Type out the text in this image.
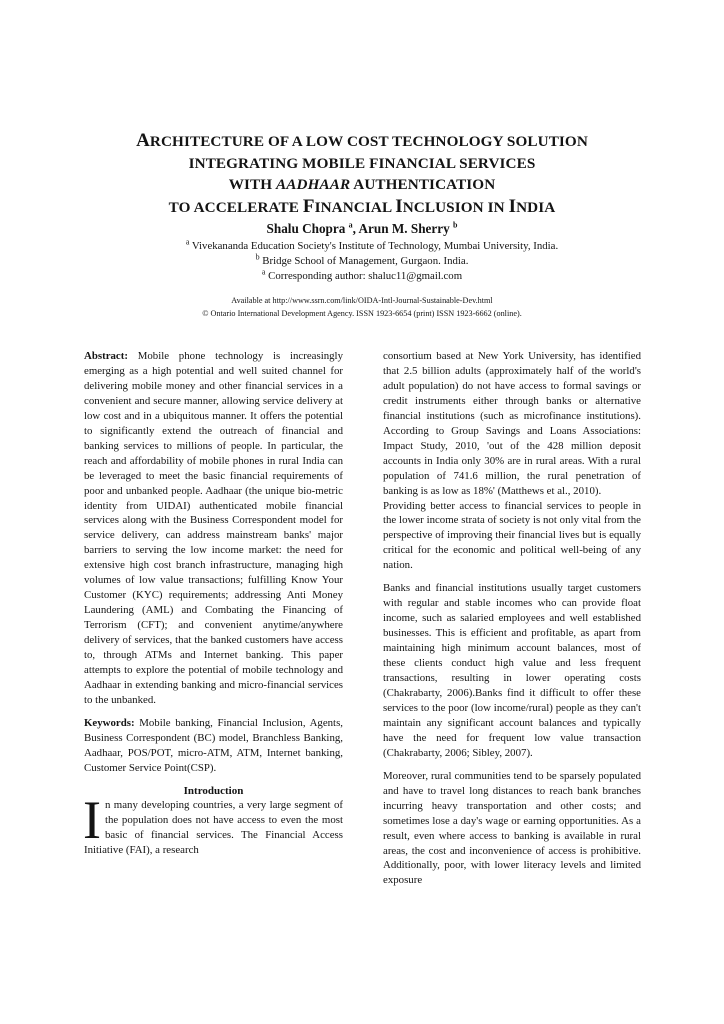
ARCHITECTURE OF A LOW COST TECHNOLOGY SOLUTION

INTEGRATING MOBILE FINANCIAL SERVICES

WITH AADHAAR AUTHENTICATION

TO ACCELERATE FINANCIAL INCLUSION IN INDIA

Shalu Chopra $^a$, Arun M. Sherry $^b$
$^a$ Vivekananda Education Society's Institute of Technology, Mumbai University, India.
$^b$ Bridge School of Management, Gurgaon. India.
$^a$ Corresponding author: shaluc11@gmail.com
Available at http://www.ssrn.com/link/OIDA-Intl-Journal-Sustainable-Dev.html
© Ontario International Development Agency. ISSN 1923-6654 (print) ISSN 1923-6662 (online).

Abstract: Mobile phone technology is increasingly emerging as a high potential and well suited channel for delivering mobile money and other financial services in a convenient and secure manner, allowing service delivery at low cost and in a ubiquitous manner. It offers the potential to significantly extend the outreach of financial and banking services to millions of people. In particular, the reach and affordability of mobile phones in rural India can be leveraged to meet the basic financial requirements of poor and unbanked people. Aadhaar (the unique bio-metric identity from UIDAI) authenticated mobile financial services along with the Business Correspondent model for service delivery, can address mainstream banks' major barriers to serving the low income market: the need for extensive high cost branch infrastructure, managing high volumes of low value transactions; fulfilling Know Your Customer (KYC) requirements; addressing Anti Money Laundering (AML) and Combating the Financing of Terrorism (CFT); and convenient anytime/anywhere delivery of services, that the banked customers have access to, through ATMs and Internet banking. This paper attempts to explore the potential of mobile technology and Aadhaar in extending banking and micro-financial services to the unbanked.

Keywords: Mobile banking, Financial Inclusion, Agents, Business Correspondent (BC) model, Branchless Banking, Aadhaar, POS/POT, micro-ATM, ATM, Internet banking, Customer Service Point(CSP).

Introduction

In many developing countries, a very large segment of the population does not have access to even the most basic of financial services. The Financial Access Initiative (FAI), a research

consortium based at New York University, has identified that 2.5 billion adults (approximately half of the world's adult population) do not have access to formal savings or credit instruments either through banks or alternative financial institutions (such as microfinance institutions). According to Group Savings and Loans Associations: Impact Study, 2010, 'out of the 428 million deposit accounts in India only 30% are in rural areas. With a rural population of 741.6 million, the rural penetration of banking is as low as 18%' (Matthews et al., 2010).

Providing better access to financial services to people in the lower income strata of society is not only vital from the perspective of improving their financial lives but is equally critical for the economic and political well-being of any nation.

Banks and financial institutions usually target customers with regular and stable incomes who can provide float income, such as salaried employees and well established businesses. This is efficient and profitable, as apart from maintaining high minimum account balances, most of these clients conduct high value and less frequent transactions, resulting in lower operating costs (Chakrabarty, 2006).Banks find it difficult to offer these services to the poor (low income/rural) people as they can't maintain any significant account balances and typically have the need for frequent low value transaction (Chakrabarty, 2006; Sibley, 2007).

Moreover, rural communities tend to be sparsely populated and have to travel long distances to reach bank branches incurring heavy transportation and other costs; and sometimes lose a day's wage or earning opportunities. As a result, even where access to banking is available in rural areas, the cost and inconvenience of access is prohibitive. Additionally, poor, with lower literacy levels and limited exposure
